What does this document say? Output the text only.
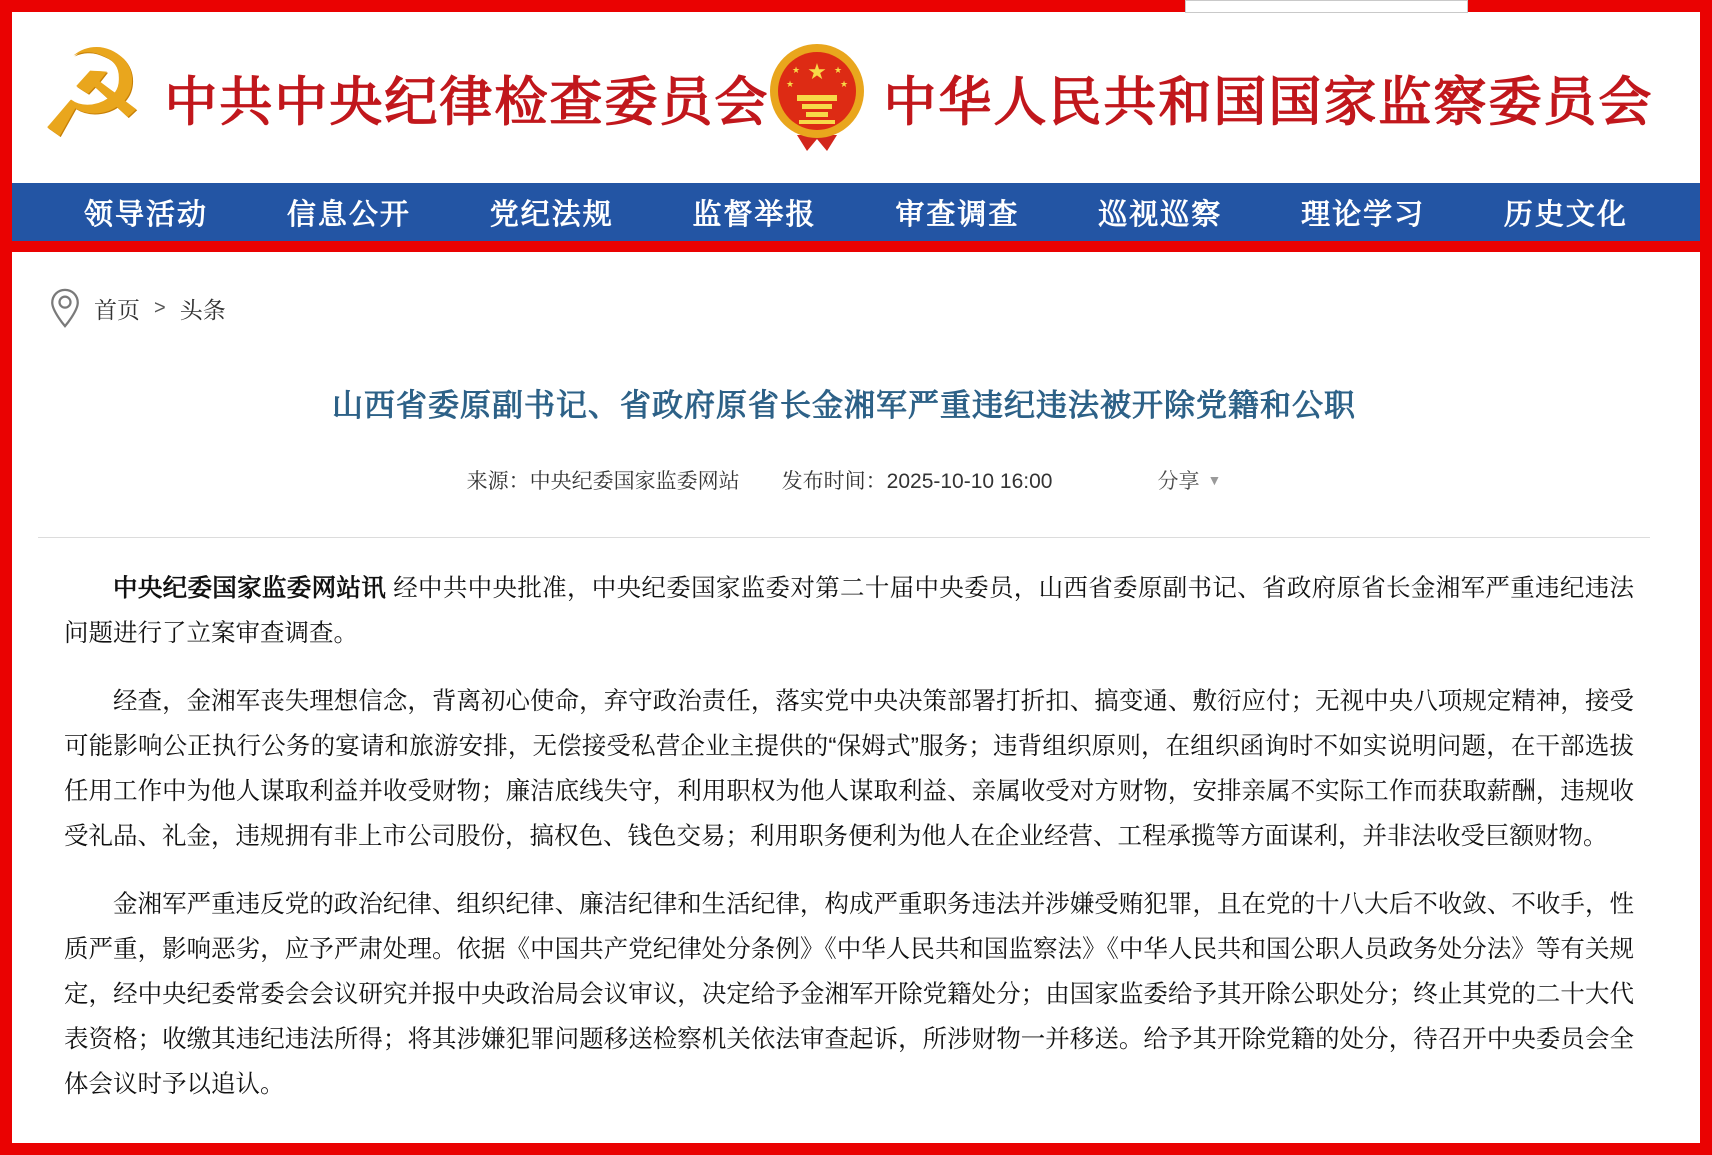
☭ 中共中央纪律检查委员会
★
★	★
★	★ 中华人民共和国国家监察委员会
领导活动	信息公开	党纪法规	监督举报	审查调查	巡视巡察	理论学习	历史文化
首页 > 头条
山西省委原副书记、省政府原省长金湘军严重违纪违法被开除党籍和公职
来源：中央纪委国家监委网站 发布时间：2025-10-10 16:00	分享 ▼

中央纪委国家监委网站讯 经中共中央批准，中央纪委国家监委对第二十届中央委员，山西省委原副书记、省政府原省长金湘军严重违纪违法问题进行了立案审查调查。

经查，金湘军丧失理想信念，背离初心使命，弃守政治责任，落实党中央决策部署打折扣、搞变通、敷衍应付；无视中央八项规定精神，接受可能影响公正执行公务的宴请和旅游安排，无偿接受私营企业主提供的“保姆式”服务；违背组织原则，在组织函询时不如实说明问题，在干部选拔任用工作中为他人谋取利益并收受财物；廉洁底线失守，利用职权为他人谋取利益、亲属收受对方财物，安排亲属不实际工作而获取薪酬，违规收受礼品、礼金，违规拥有非上市公司股份，搞权色、钱色交易；利用职务便利为他人在企业经营、工程承揽等方面谋利，并非法收受巨额财物。

金湘军严重违反党的政治纪律、组织纪律、廉洁纪律和生活纪律，构成严重职务违法并涉嫌受贿犯罪，且在党的十八大后不收敛、不收手，性质严重，影响恶劣，应予严肃处理。依据《中国共产党纪律处分条例》《中华人民共和国监察法》《中华人民共和国公职人员政务处分法》等有关规定，经中央纪委常委会会议研究并报中央政治局会议审议，决定给予金湘军开除党籍处分；由国家监委给予其开除公职处分；终止其党的二十大代表资格；收缴其违纪违法所得；将其涉嫌犯罪问题移送检察机关依法审查起诉，所涉财物一并移送。给予其开除党籍的处分，待召开中央委员会全体会议时予以追认。
